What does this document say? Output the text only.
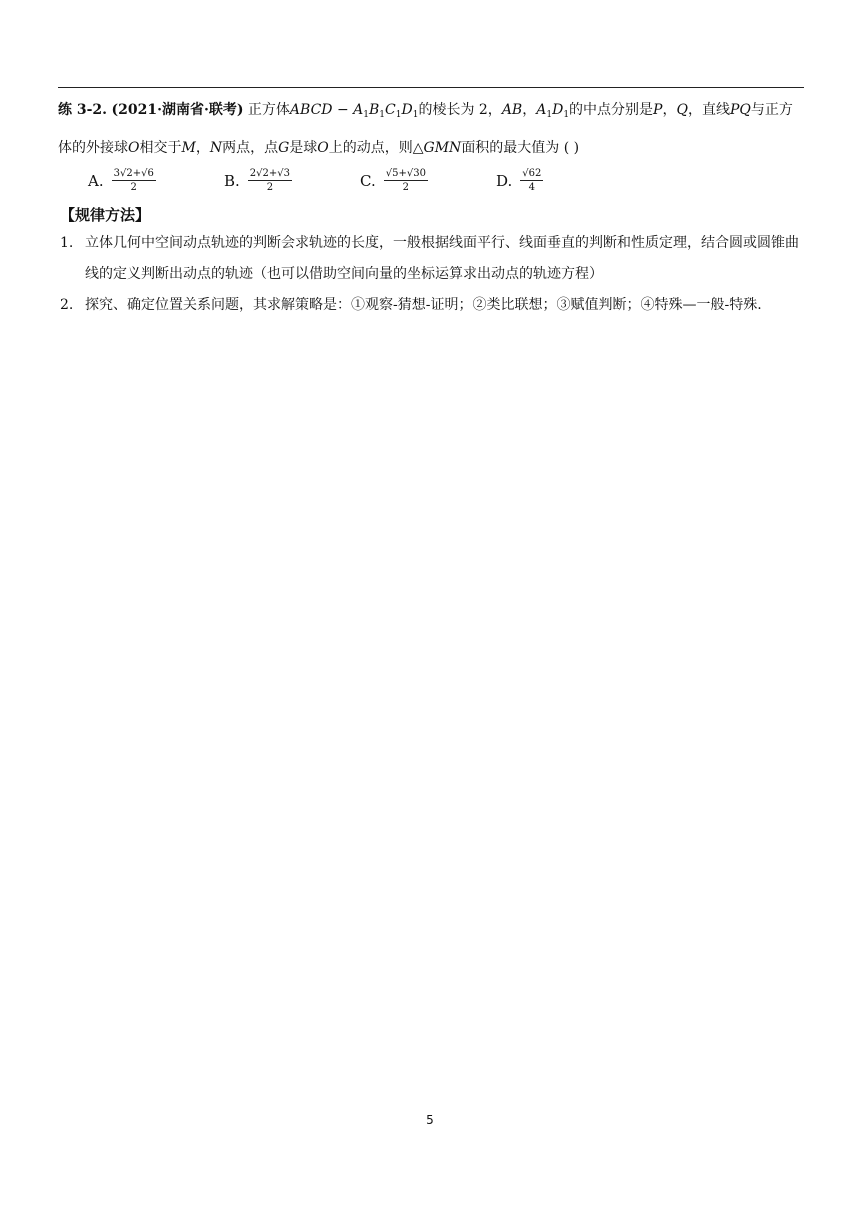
练 3-2. (2021·湖南省·联考) 正方体ABCD − $A_1B_1C_1D_1$的棱长为 2，AB，$A_1D_1$的中点分别是P，Q，直线PQ与正方
体的外接球O相交于M，N两点，点G是球O上的动点，则△GMN面积的最大值为 ( )
A. $\frac{3√2+√6}{2}$	B. $\frac{2√2+√3}{2}$	C. $\frac{√5+√30}{2}$	D. $\frac{√62}{4}$
【规律方法】
1. 立体几何中空间动点轨迹的判断会求轨迹的长度，一般根据线面平行、线面垂直的判断和性质定理，结合圆或圆锥曲线的定义判断出动点的轨迹（也可以借助空间向量的坐标运算求出动点的轨迹方程）
2. 探究、确定位置关系问题，其求解策略是：①观察-猜想-证明；②类比联想；③赋值判断；④特殊—一般-特殊.
5
